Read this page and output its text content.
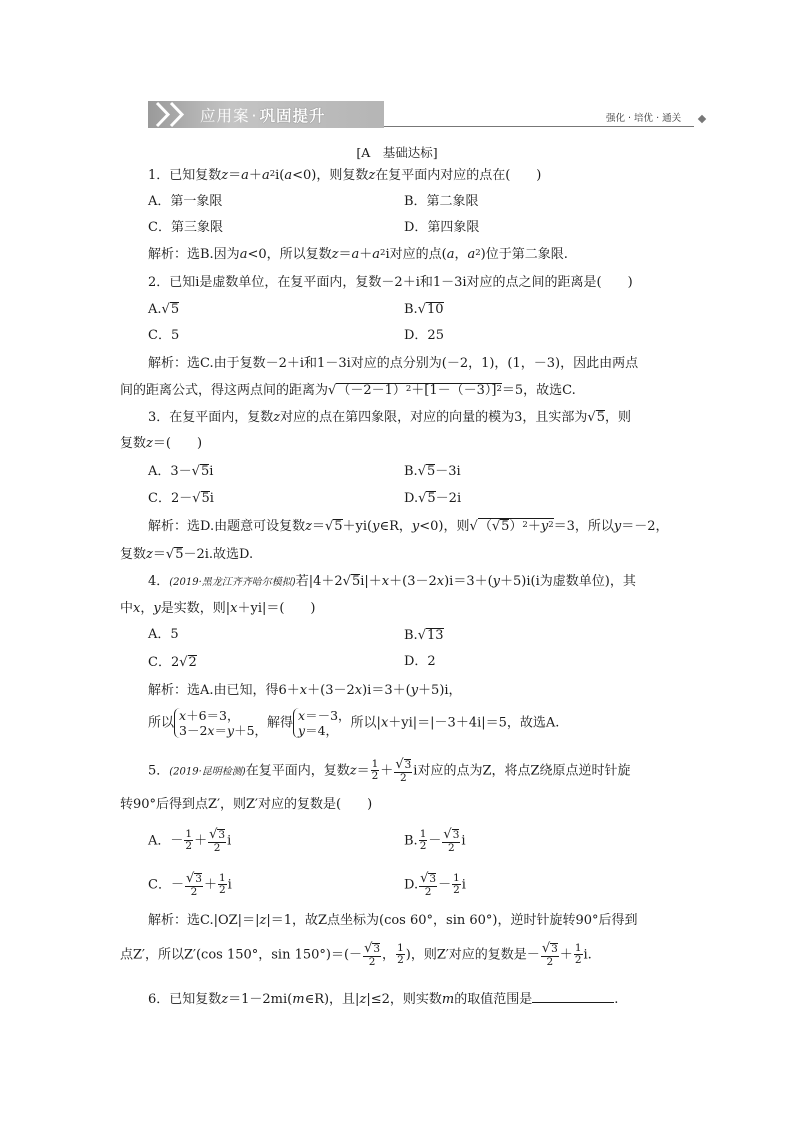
应用案 · 巩固提升	强化 · 培优 · 通关
[A　基础达标]
1．已知复数$z=a+a^2i(a<0)$，则复数z在复平面内对应的点在(　　)
A．第一象限	B．第二象限
C．第三象限	D．第四象限
解析：选B.因为a<0，所以复数$z=a+a^2i$对应的点(a，$a^2$)位于第二象限.
2．已知i是虚数单位，在复平面内，复数－2＋i和1－3i对应的点之间的距离是(　　)
A.√5	B.√10
C．5	D．25
解析：选C.由于复数－2＋i和1－3i对应的点分别为(－2，1)，(1，－3)，因此由两点
间的距离公式，得这两点间的距离为$√(-2-1)^2+[1-(-3)]^2=5$，故选C.
3．在复平面内，复数z对应的点在第四象限，对应的向量的模为3，且实部为√5，则
复数z＝(　　)
A．3－√5i	B.√5－3i
C．2－√5i	D.√5－2i
解析：选D.由题意可设复数z＝√5＋yi(y∈R，y<0)，则$√(√5)^2+y^2=3$，所以y＝－2，
复数z＝√5－2i.故选D.
4．(2019·黑龙江齐齐哈尔模拟)若|4＋2√5i|＋x＋(3－2x)i＝3＋(y＋5)i(i为虚数单位)，其
中x，y是实数，则|x＋yi|＝(　　)
A．5	B.√13
C．2√2	D．2
解析：选A.由已知，得6＋x＋(3－2x)i＝3＋(y＋5)i，
所以 x＋6＝3，
3－2x＝y＋5，解得 x＝－3，
y＝4， 所以|x＋yi|＝|－3＋4i|＝5，故选A.
5．(2019·昆明检测)在复平面内，复数$z= \frac{1}{2} + \frac{√3}{2}$ i对应的点为Z，将点Z绕原点逆时针旋
转90°后得到点Z′，则Z′对应的复数是(　　)
A．－ $\frac{1}{2} + \frac{√3}{2}$ i	B. $\frac{1}{2} - \frac{√3}{2}$ i
C．－ $\frac{√3}{2} + \frac{1}{2}$ i	D. $\frac{√3}{2} - \frac{1}{2}$ i
解析：选C.|OZ|＝|z|＝1，故Z点坐标为(cos 60°，sin 60°)，逆时针旋转90°后得到
点Z′，所以Z′(cos 150°，$\sin 150^\circ)=(- \frac{√3}{2}$ ， $\frac{1}{2}$ )，则Z′对应的复数是－ $\frac{√3}{2} + \frac{1}{2} i$.
6．已知复数z＝1－2mi(m∈R)，且|z|≤2，则实数m的取值范围是	.
